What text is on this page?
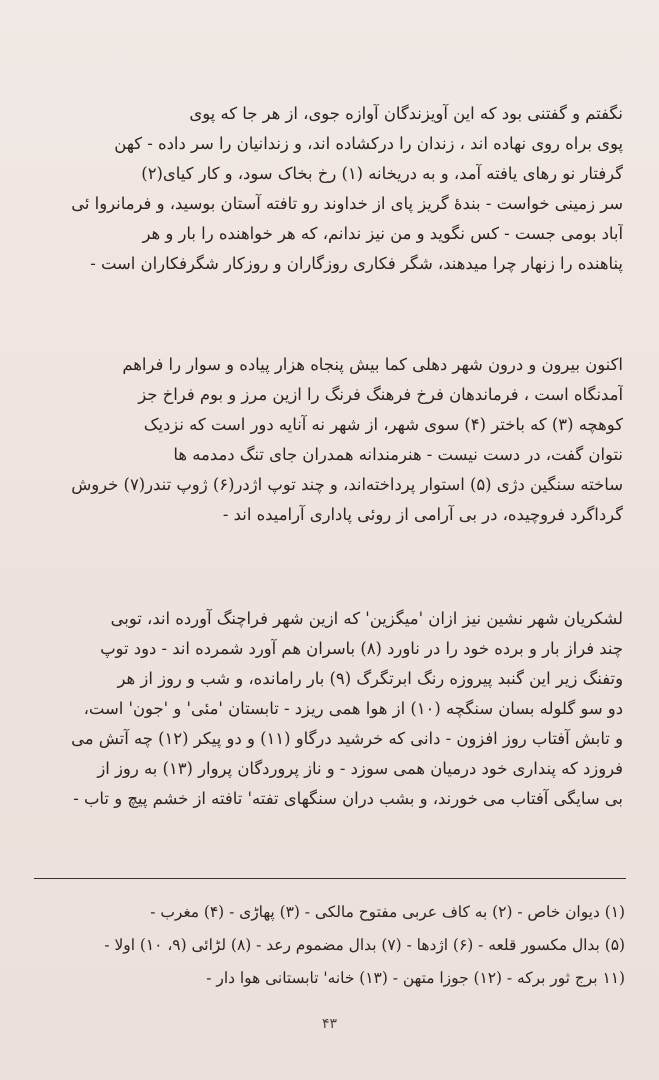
نگفتم و گفتنی بود که این آویزندگان آوازه جوی، از هر جا که پوی
پوی براه روی نهاده اند ، زندان را درکشاده اند، و زندانیان را سر داده - کهن
گرفتار نو رهای یافته آمد، و به دریخانه (۱) رخ بخاک سود، و کار کیای(۲)
سر زمینی خواست - بندهٔ گریز پای از خداوند رو تافته آستان بوسید، و فرمانروا ئی
آباد بومی جست - کس نگوید و من نیز ندانم، که هر خواهنده را بار و هر
پناهنده را زنهار چرا میدهند، شگر فکاری روزگاران و روزکار شگرفکاران است -
اکنون بیرون و درون شهر دهلی کما بیش پنجاه هزار پیاده و سوار را فراهم
آمدنگاه است ، فرماندهان فرخ فرهنگ فرنگ را ازین مرز و بوم فراخ جز
کوهچه (۳) که باختر (۴) سوی شهر، از شهر نه آنایه دور است که نزدیک
نتوان گفت، در دست نیست - هنرمندانه همدران جای تنگ دمدمه ها
ساخته سنگین دژی (۵) استوار پرداخته‌اند، و چند توپ اژدر(۶) ژوپ تندر(۷) خروش
گرداگرد فروچیده، در بی آرامی از روئی پاداری آرامیده اند -
لشکریان شهر نشین نیز ازان 'میگزین' که ازین شهر فراچنگ آورده اند، توبی
چند فراز بار و برده خود را در ناورد (۸) باسران هم آورد شمرده اند - دود توپ
وتفنگ زیر این گنبد پیروزه رنگ ابرتگرگ (۹) بار رامانده، و شب و روز از هر
دو سو گلوله بسان سنگچه (۱۰) از هوا همی ریزد - تابستان 'مئی' و 'جون' است،
و تابش آفتاب روز افزون - دانی که خرشید درگاو (۱۱) و دو پیکر (۱۲) چه آتش می
فروزد که پنداری خود درمیان همی سوزد - و ناز پروردگان پروار (۱۳) به روز از
بی سایگی آفتاب می خورند، و بشب دران سنگهای تفته' تافته از خشم پیچ و تاب -
(۱) دیوان خاص - (۲) به کاف عربی مفتوح مالکی - (۳) پهاڑی - (۴) مغرب -
(۵) بدال مکسور قلعه - (۶) اژدها - (۷) بدال مضموم رعد - (۸) لڑائی (۹، ۱۰) اولا -
(۱۱ برج ثور برکه - (۱۲) جوزا متهن - (۱۳) خانه' تابستانی هوا دار -
۴۳
